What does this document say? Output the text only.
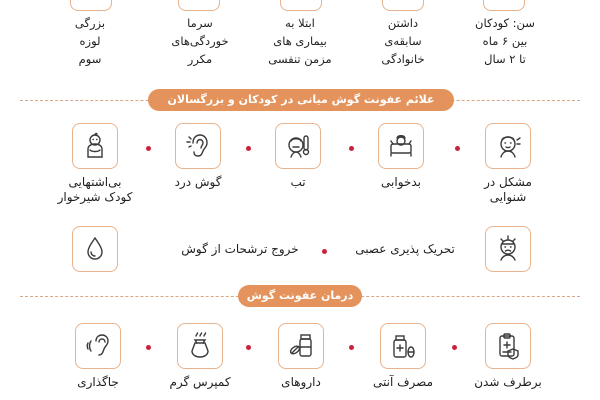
سن: کودکان
بین ۶ ماه
تا ۲ سال
داشتن
سابقه‌ی
خانوادگی
ابتلا به
بیماری های
مزمن تنفسی
سرما
خوردگی‌های
مکرر
بزرگی
لوزه
سوم
علائم عفونت گوش میانی در کودکان و بزرگسالان
مشکل در
شنوایی
بدخوابی
تب
گوش درد
بی‌اشتهایی
کودک شیرخوار
تحریک پذیری عصبی
خروج ترشحات از گوش
درمان عفونت گوش
برطرف شدن
مصرف آنتی
داروهای
کمپرس گرم
جاگذاری
